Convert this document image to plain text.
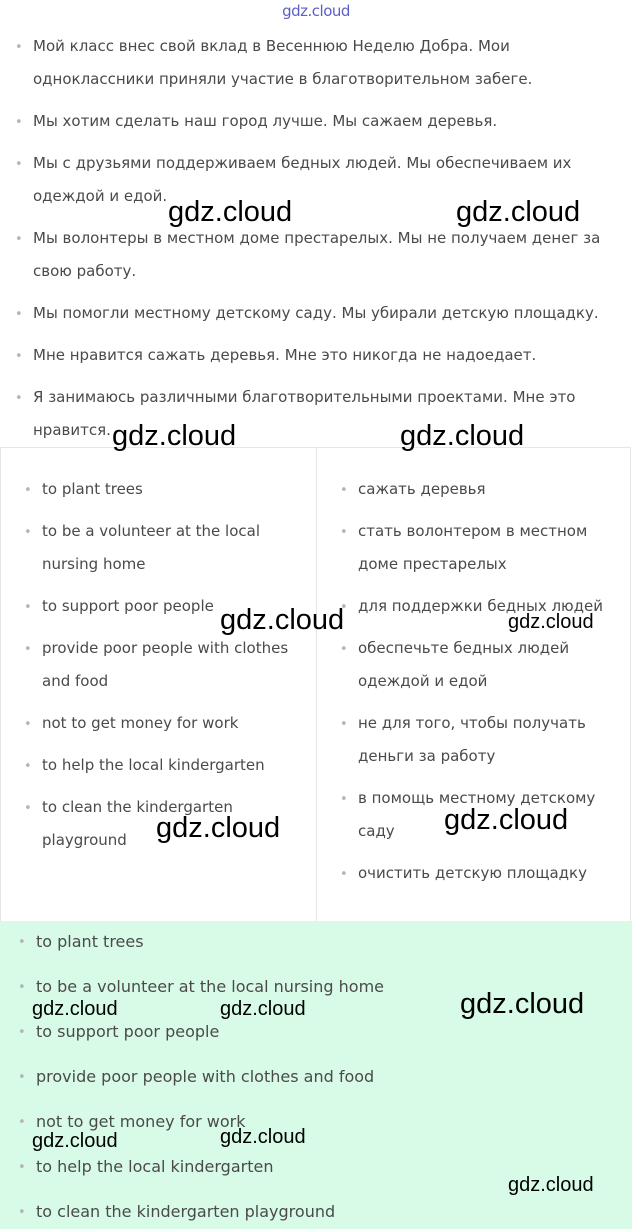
gdz.cloud
• Мой класс внес свой вклад в Весеннюю Неделю Добра. Мои одноклассники приняли участие в благотворительном забеге.
• Мы хотим сделать наш город лучше. Мы сажаем деревья.
• Мы с друзьями поддерживаем бедных людей. Мы обеспечиваем их одеждой и едой.
• Мы волонтеры в местном доме престарелых. Мы не получаем денег за свою работу.
• Мы помогли местному детскому саду. Мы убирали детскую площадку.
• Мне нравится сажать деревья. Мне это никогда не надоедает.
• Я занимаюсь различными благотворительными проектами. Мне это нравится.
• to plant trees
• to be a volunteer at the local nursing home
• to support poor people
• provide poor people with clothes and food
• not to get money for work
• to help the local kindergarten
• to clean the kindergarten playground
• сажать деревья
• стать волонтером в местном доме престарелых
• для поддержки бедных людей
• обеспечьте бедных людей одеждой и едой
• не для того, чтобы получать деньги за работу
• в помощь местному детскому саду
• очистить детскую площадку
• to plant trees
• to be a volunteer at the local nursing home
• to support poor people
• provide poor people with clothes and food
• not to get money for work
• to help the local kindergarten
• to clean the kindergarten playground
gdz.cloud	gdz.cloud
gdz.cloud	gdz.cloud
gdz.cloud	gdz.cloud
gdz.cloud	gdz.cloud
gdz.cloud	gdz.cloud	gdz.cloud
gdz.cloud	gdz.cloud
gdz.cloud
